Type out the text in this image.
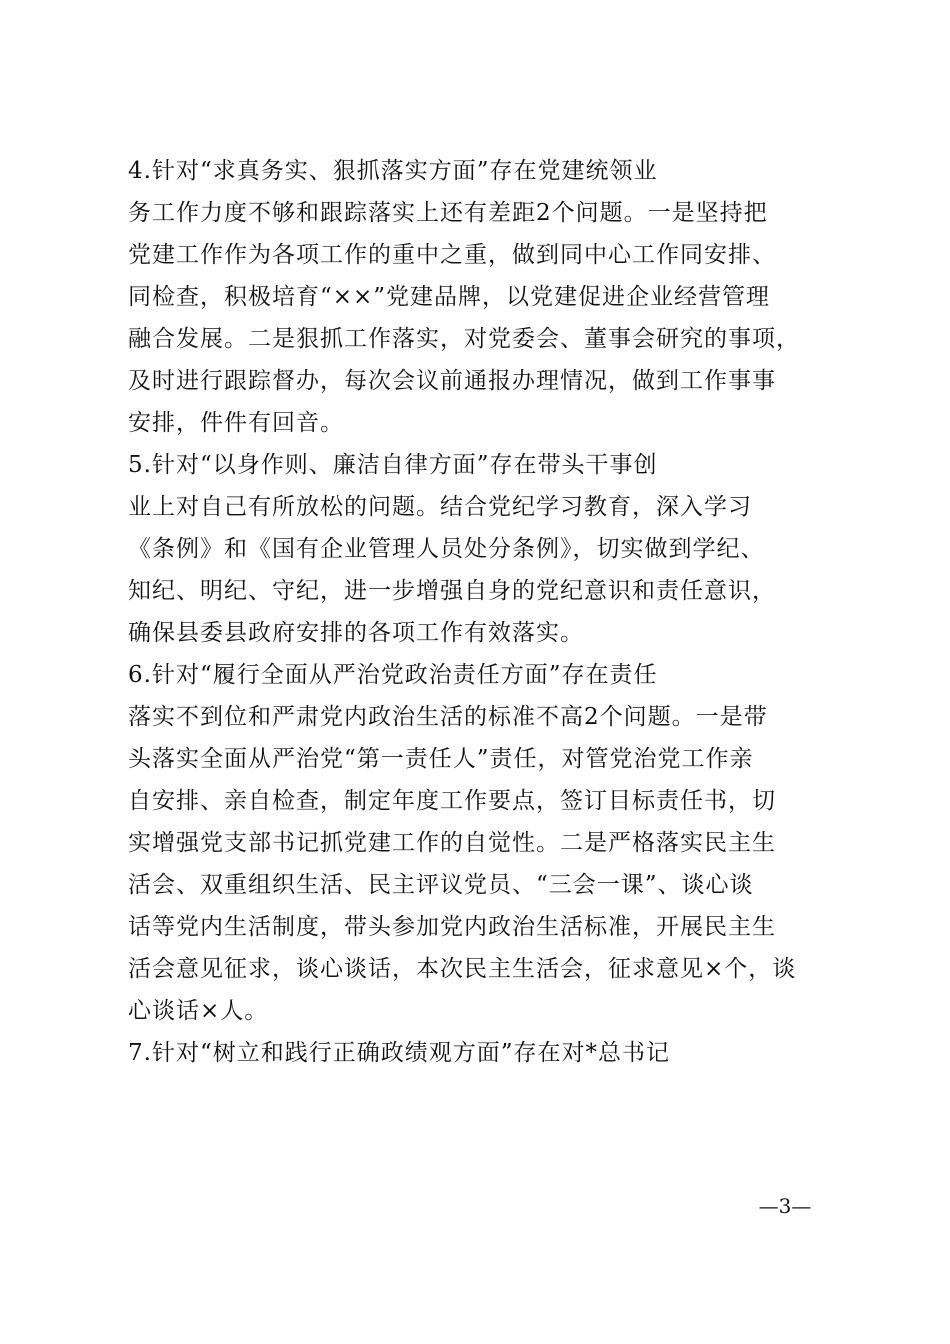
4.针对“求真务实、狠抓落实方面”存在党建统领业
务工作力度不够和跟踪落实上还有差距2个问题。一是坚持把
党建工作作为各项工作的重中之重，做到同中心工作同安排、
同检查，积极培育“××”党建品牌，以党建促进企业经营管理
融合发展。二是狠抓工作落实，对党委会、董事会研究的事项，
及时进行跟踪督办，每次会议前通报办理情况，做到工作事事
安排，件件有回音。
5.针对“以身作则、廉洁自律方面”存在带头干事创
业上对自己有所放松的问题。结合党纪学习教育，深入学习
《条例》和《国有企业管理人员处分条例》，切实做到学纪、
知纪、明纪、守纪，进一步增强自身的党纪意识和责任意识，
确保县委县政府安排的各项工作有效落实。
6.针对“履行全面从严治党政治责任方面”存在责任
落实不到位和严肃党内政治生活的标准不高2个问题。一是带
头落实全面从严治党“第一责任人”责任，对管党治党工作亲
自安排、亲自检查，制定年度工作要点，签订目标责任书，切
实增强党支部书记抓党建工作的自觉性。二是严格落实民主生
活会、双重组织生活、民主评议党员、“三会一课”、谈心谈
话等党内生活制度，带头参加党内政治生活标准，开展民主生
活会意见征求，谈心谈话，本次民主生活会，征求意见×个，谈
心谈话×人。
7.针对“树立和践行正确政绩观方面”存在对*总书记
—3—
